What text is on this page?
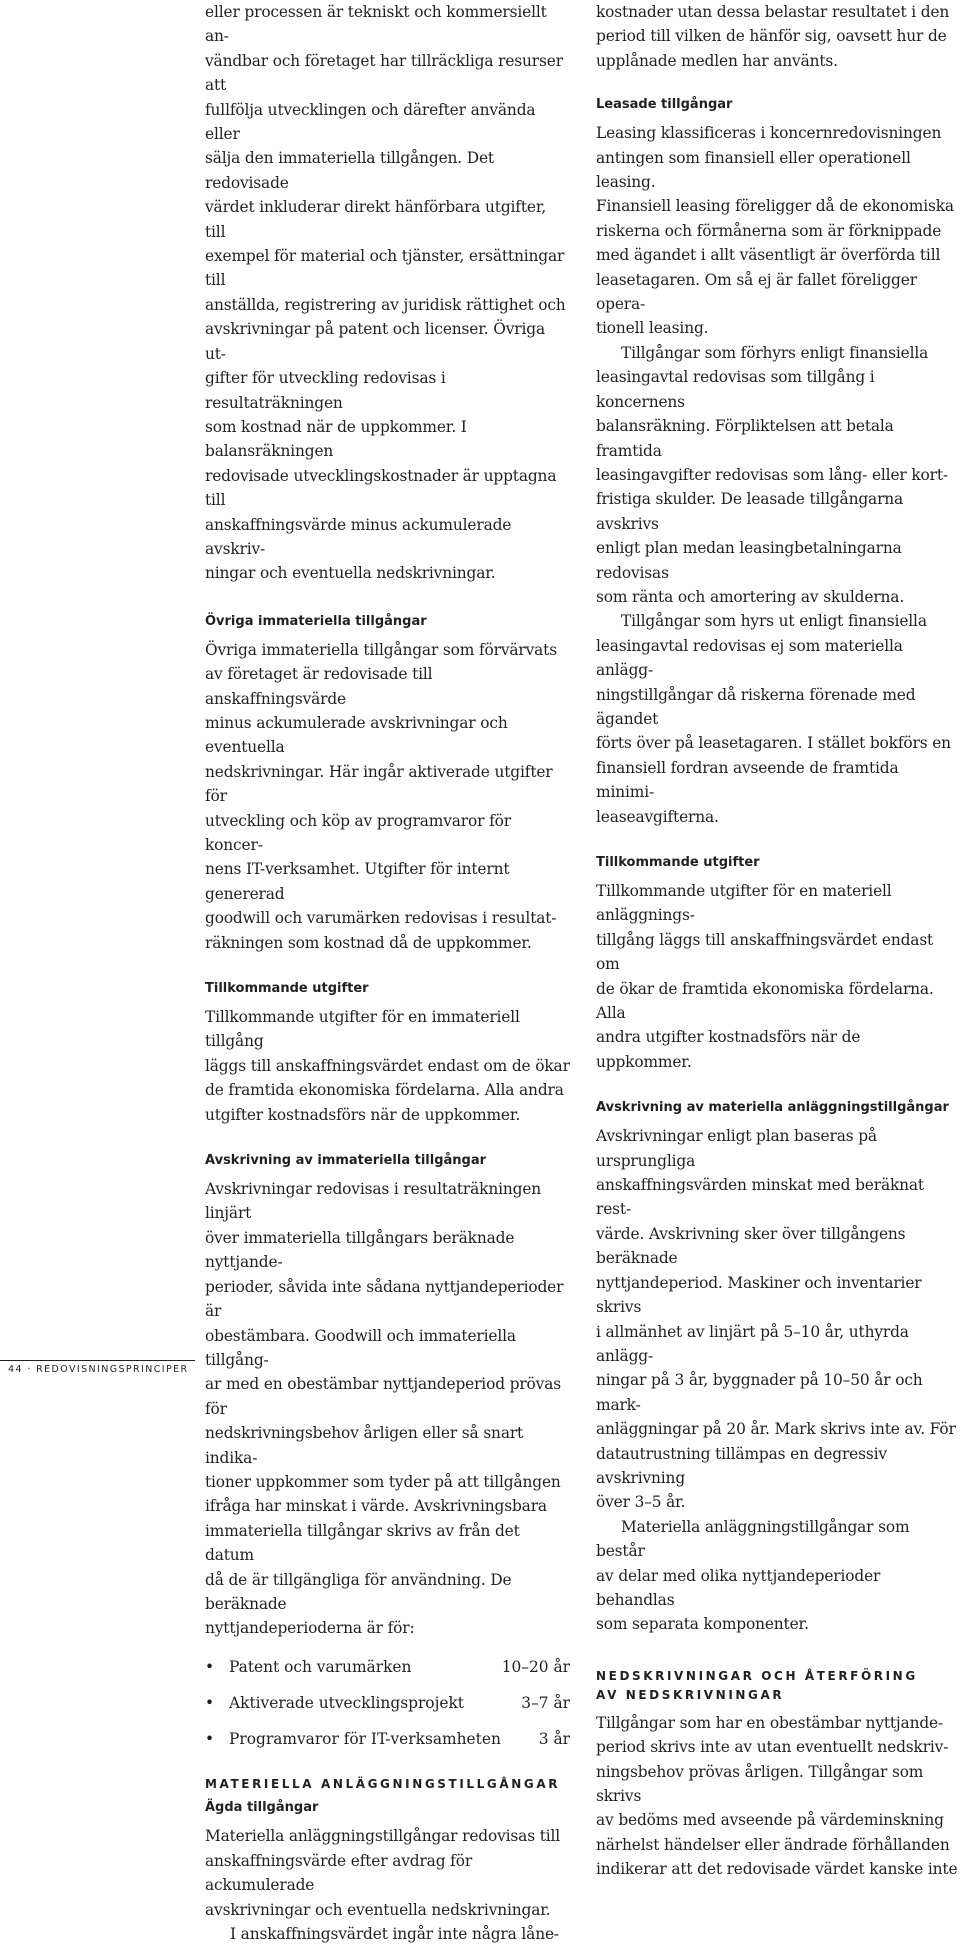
eller processen är tekniskt och kommersiellt an-
vändbar och företaget har tillräckliga resurser att
fullfölja utvecklingen och därefter använda eller
sälja den immateriella tillgången. Det redovisade
värdet inkluderar direkt hänförbara utgifter, till
exempel för material och tjänster, ersättningar till
anställda, registrering av juridisk rättighet och
avskrivningar på patent och licenser. Övriga ut-
gifter för utveckling redovisas i resultaträkningen
som kostnad när de uppkommer. I balansräkningen
redovisade utvecklingskostnader är upptagna till
anskaffningsvärde minus ackumulerade avskriv-
ningar och eventuella nedskrivningar.

Övriga immateriella tillgångar

Övriga immateriella tillgångar som förvärvats
av företaget är redovisade till anskaffningsvärde
minus ackumulerade avskrivningar och eventuella
nedskrivningar. Här ingår aktiverade utgifter för
utveckling och köp av programvaror för koncer-
nens IT-verksamhet. Utgifter för internt genererad
goodwill och varumärken redovisas i resultat-
räkningen som kostnad då de uppkommer.

Tillkommande utgifter

Tillkommande utgifter för en immateriell tillgång
läggs till anskaffningsvärdet endast om de ökar
de framtida ekonomiska fördelarna. Alla andra
utgifter kostnadsförs när de uppkommer.

Avskrivning av immateriella tillgångar

Avskrivningar redovisas i resultaträkningen linjärt
över immateriella tillgångars beräknade nyttjande-
perioder, såvida inte sådana nyttjandeperioder är
obestämbara. Goodwill och immateriella tillgång-
ar med en obestämbar nyttjandeperiod prövas för
nedskrivningsbehov årligen eller så snart indika-
tioner uppkommer som tyder på att tillgången
ifråga har minskat i värde. Avskrivningsbara
immateriella tillgångar skrivs av från det datum
då de är tillgängliga för användning. De beräknade
nyttjandeperioderna är för:

• Patent och varumärken	10–20 år
• Aktiverade utvecklingsprojekt	3–7 år
• Programvaror för IT-verksamheten 3 år
MATERIELLA ANLÄGGNINGSTILLGÅNGAR
Ägda tillgångar

Materiella anläggningstillgångar redovisas till
anskaffningsvärde efter avdrag för ackumulerade
avskrivningar och eventuella nedskrivningar.

I anskaffningsvärdet ingår inte några låne-

kostnader utan dessa belastar resultatet i den
period till vilken de hänför sig, oavsett hur de
upplånade medlen har använts.

Leasade tillgångar

Leasing klassificeras i koncernredovisningen
antingen som finansiell eller operationell leasing.
Finansiell leasing föreligger då de ekonomiska
riskerna och förmånerna som är förknippade
med ägandet i allt väsentligt är överförda till
leasetagaren. Om så ej är fallet föreligger opera-
tionell leasing.

Tillgångar som förhyrs enligt finansiella
leasingavtal redovisas som tillgång i koncernens
balansräkning. Förpliktelsen att betala framtida
leasingavgifter redovisas som lång- eller kort-
fristiga skulder. De leasade tillgångarna avskrivs
enligt plan medan leasingbetalningarna redovisas
som ränta och amortering av skulderna.

Tillgångar som hyrs ut enligt finansiella
leasingavtal redovisas ej som materiella anlägg-
ningstillgångar då riskerna förenade med ägandet
förts över på leasetagaren. I stället bokförs en
finansiell fordran avseende de framtida minimi-
leaseavgifterna.

Tillkommande utgifter

Tillkommande utgifter för en materiell anläggnings-
tillgång läggs till anskaffningsvärdet endast om
de ökar de framtida ekonomiska fördelarna. Alla
andra utgifter kostnadsförs när de uppkommer.

Avskrivning av materiella anläggningstillgångar

Avskrivningar enligt plan baseras på ursprungliga
anskaffningsvärden minskat med beräknat rest-
värde. Avskrivning sker över tillgångens beräknade
nyttjandeperiod. Maskiner och inventarier skrivs
i allmänhet av linjärt på 5–10 år, uthyrda anlägg-
ningar på 3 år, byggnader på 10–50 år och mark-
anläggningar på 20 år. Mark skrivs inte av. För
datautrustning tillämpas en degressiv avskrivning
över 3–5 år.

Materiella anläggningstillgångar som består
av delar med olika nyttjandeperioder behandlas
som separata komponenter.

NEDSKRIVNINGAR OCH ÅTERFÖRING
AV NEDSKRIVNINGAR

Tillgångar som har en obestämbar nyttjande-
period skrivs inte av utan eventuellt nedskriv-
ningsbehov prövas årligen. Tillgångar som skrivs
av bedöms med avseende på värdeminskning
närhelst händelser eller ändrade förhållanden
indikerar att det redovisade värdet kanske inte

44 · REDOVISNINGSPRINCIPER
